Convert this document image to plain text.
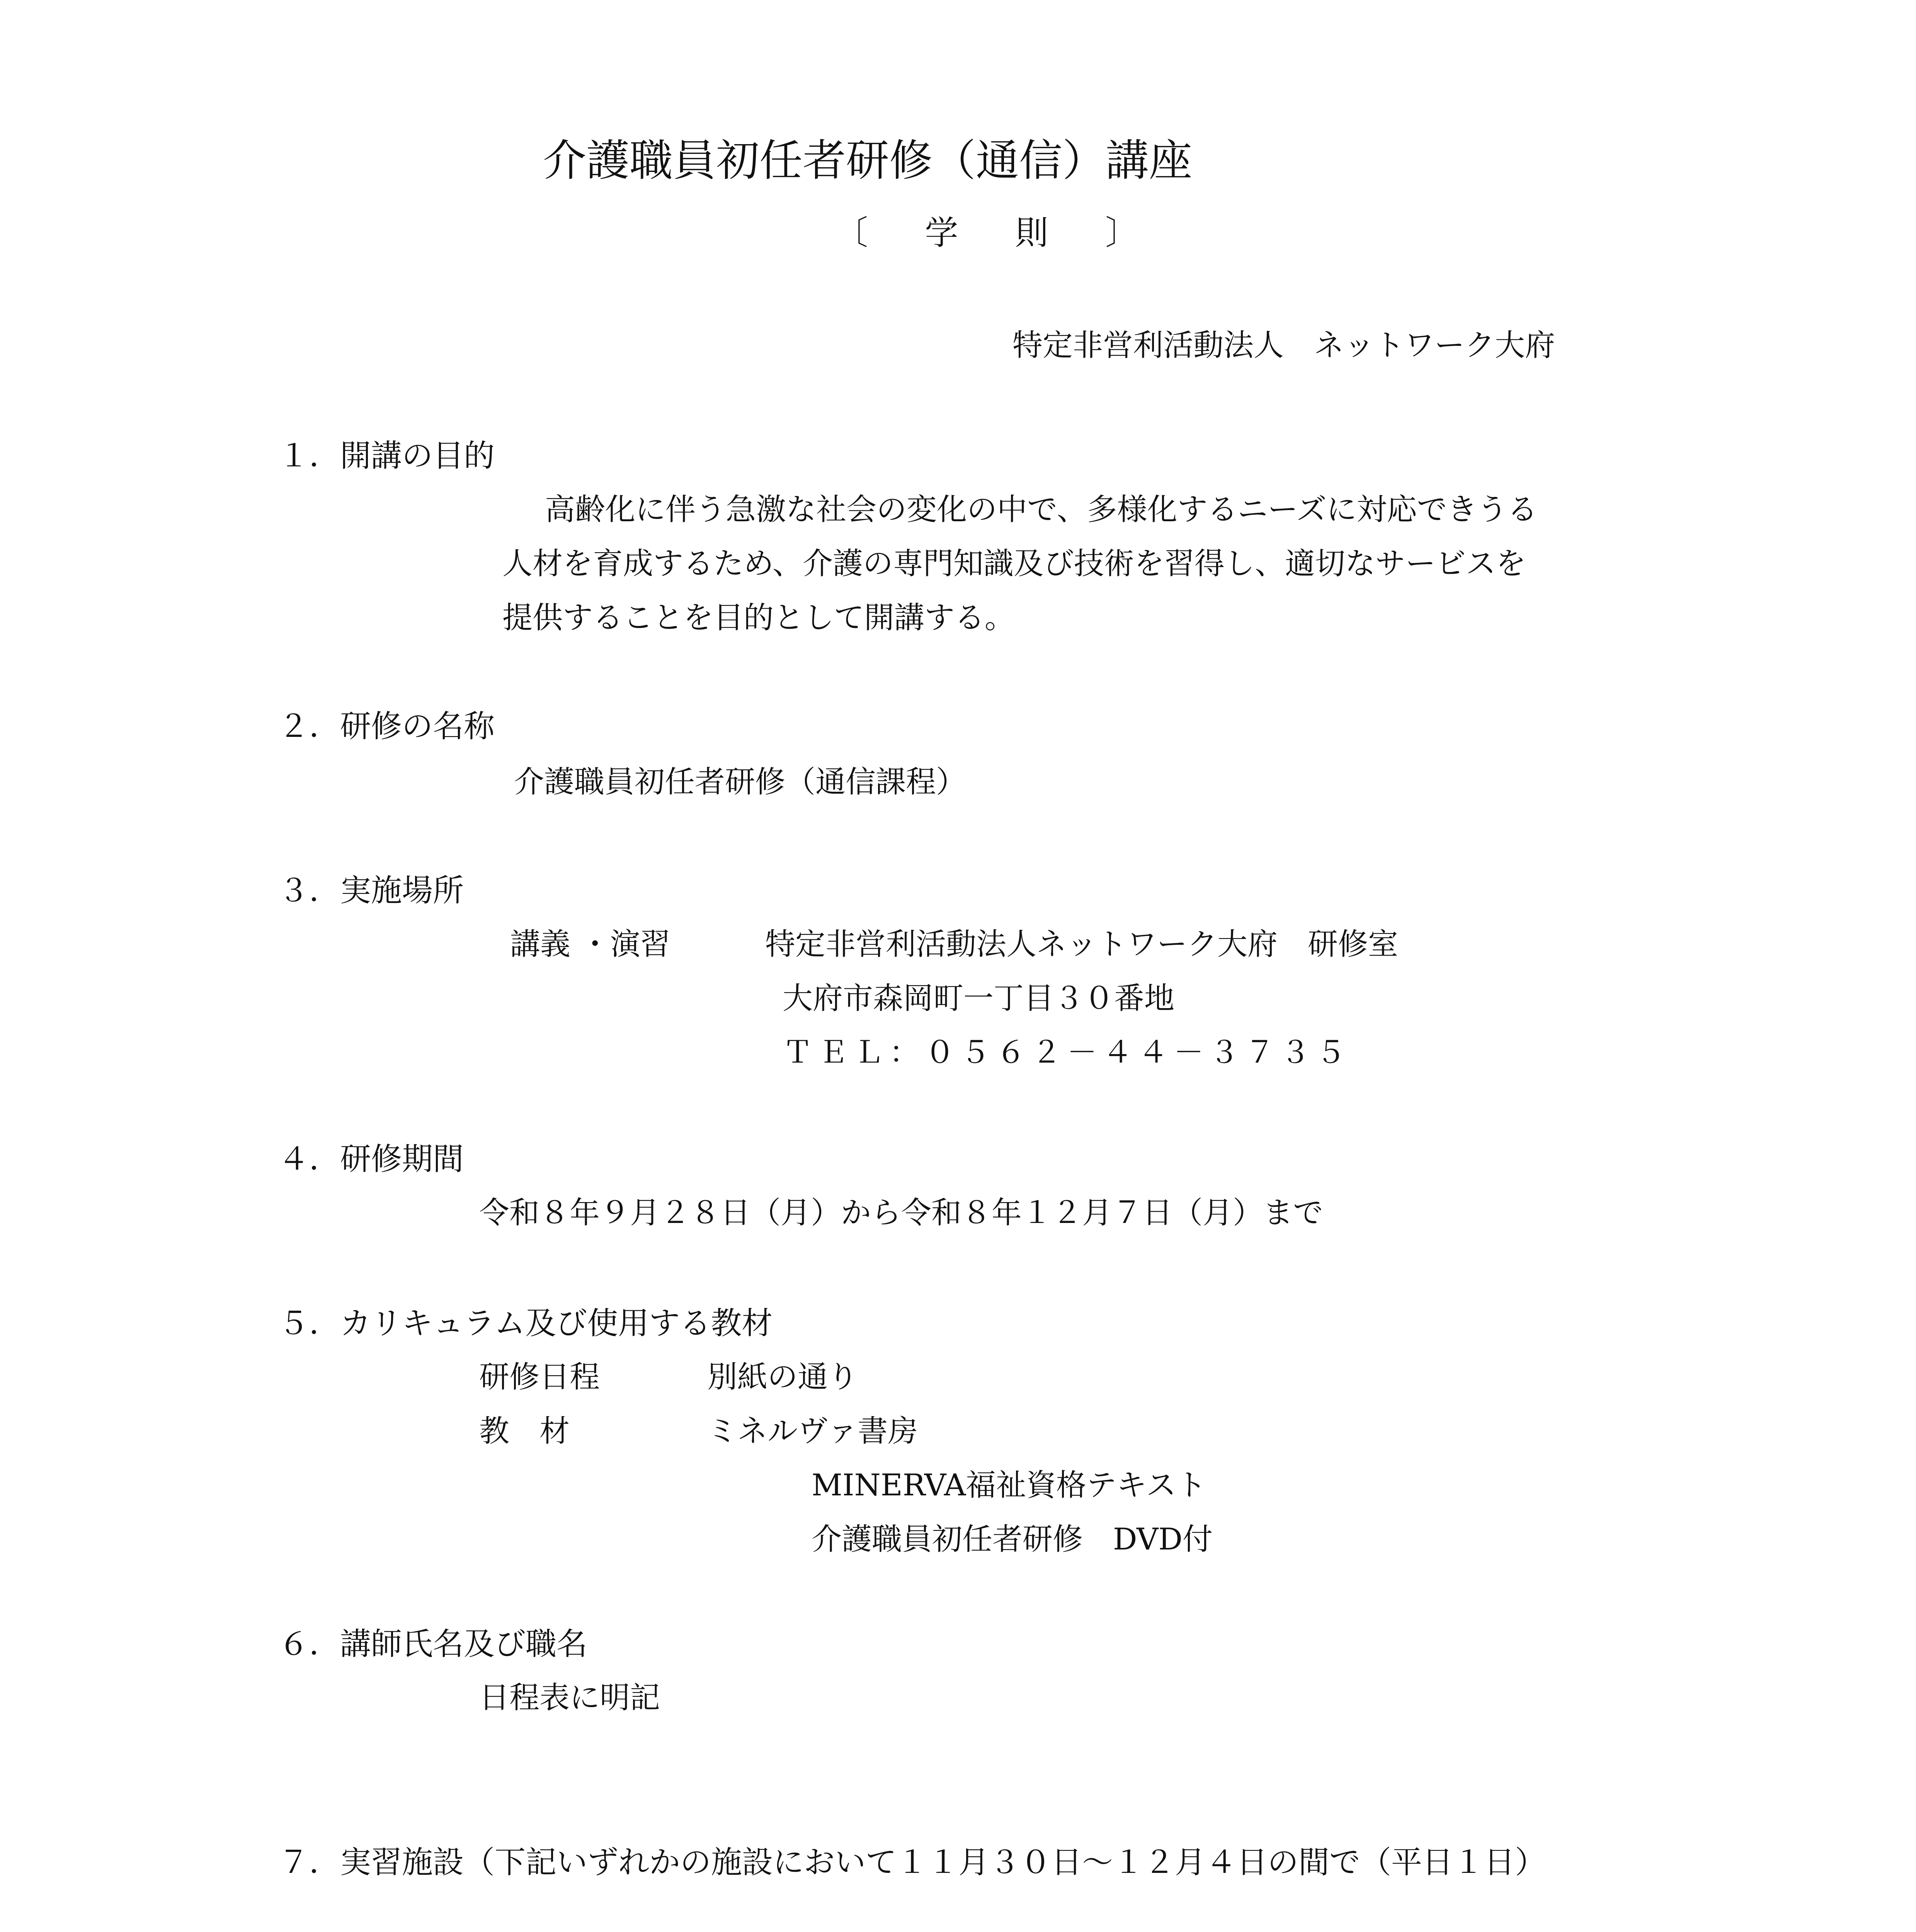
介護職員初任者研修（通信）講座
〔 学 則 〕
特定非営利活動法人　ネットワーク大府
１．開講の目的
高齢化に伴う急激な社会の変化の中で、多様化するニーズに対応できうる
人材を育成するため、介護の専門知識及び技術を習得し、適切なサービスを
提供することを目的として開講する。
２．研修の名称
介護職員初任者研修（通信課程）
３．実施場所
講義 ・演習	特定非営利活動法人ネットワーク大府　研修室
大府市森岡町一丁目３０番地
ＴＥＬ：０５６２－４４－３７３５
４．研修期間
令和８年９月２８日（月）から令和８年１２月７日（月）まで
５．カリキュラム及び使用する教材
研修日程	別紙の通り
教　材	ミネルヴァ書房
MINERVA福祉資格テキスト
介護職員初任者研修　DVD付
６．講師氏名及び職名
日程表に明記
７．実習施設（下記いずれかの施設において１１月３０日～１２月４日の間で（平日１日）
